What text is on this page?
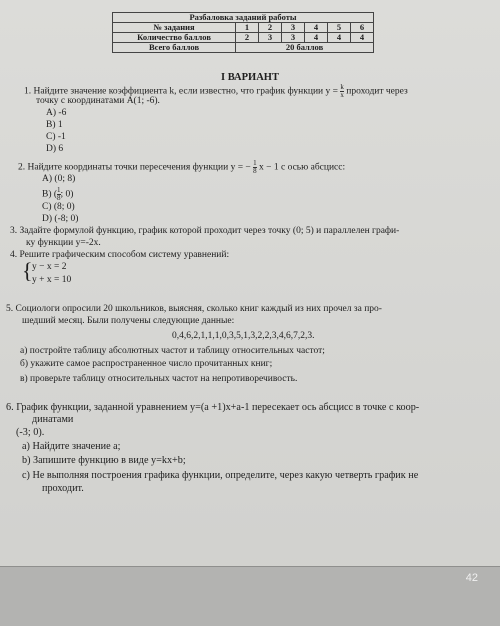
Разбаловка заданий работы						
№ задания	1	2	3	4	5	6
Количество баллов	2	3	3	4	4	4
Всего баллов	20 баллов					
I ВАРИАНТ
1. Найдите значение коэффициента k, если известно, что график функции $y = \frac{k}{x}$ проходит через
точку с координатами А(1; -6).
А) -6
В) 1
С) -1
D) 6
2. Найдите координаты точки пересечения функции y = − $\frac{1}{8}$ x − 1 с осью абсцисс:
А) (0; 8)
В) ( $\frac{1}{8}$ ; 0)
С) (8; 0)
D) (-8; 0)
3. Задайте формулой функцию, график которой проходит через точку (0; 5) и параллелен графи-
ку функции y=-2x.
4. Решите графическим способом систему уравнений:
{ y − x = 2
y + x = 10
5. Социологи опросили 20 школьников, выясняя, сколько книг каждый из них прочел за про-
шедший месяц. Были получены следующие данные:
0,4,6,2,1,1,1,0,3,5,1,3,2,2,3,4,6,7,2,3.
а) постройте таблицу абсолютных частот и таблицу относительных частот;
б) укажите самое распространенное число прочитанных книг;
в) проверьте таблицу относительных частот на непротиворечивость.
6. График функции, заданной уравнением y=(a +1)x+a-1 пересекает ось абсцисс в точке с коор-
динатами
(-3; 0).
a) Найдите значение а;
b) Запишите функцию в виде y=kx+b;
c) Не выполняя построения графика функции, определите, через какую четверть график не
проходит.
42
